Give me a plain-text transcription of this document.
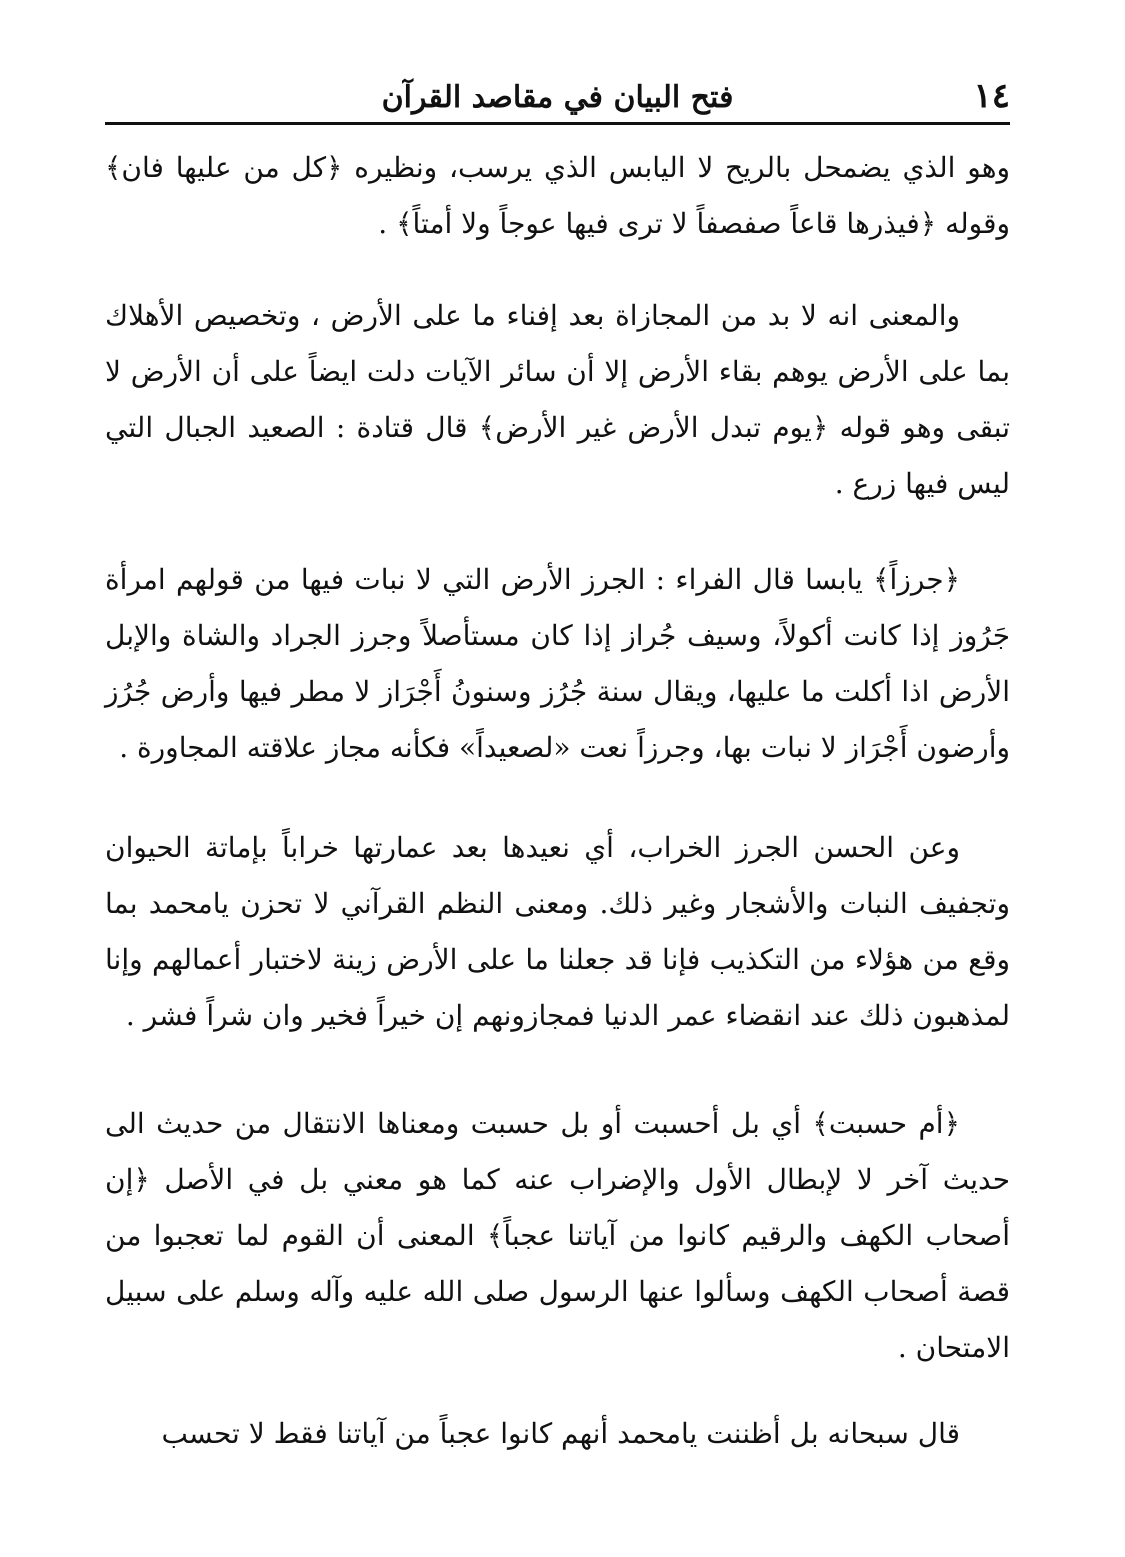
١٤
فتح البيان في مقاصد القرآن

وهو الذي يضمحل بالريح لا اليابس الذي يرسب، ونظيره ﴿كل من عليها فان﴾ وقوله ﴿فيذرها قاعاً صفصفاً لا ترى فيها عوجاً ولا أمتاً﴾ .

والمعنى انه لا بد من المجازاة بعد إفناء ما على الأرض ، وتخصيص الأهلاك بما على الأرض يوهم بقاء الأرض إلا أن سائر الآيات دلت ايضاً على أن الأرض لا تبقى وهو قوله ﴿يوم تبدل الأرض غير الأرض﴾ قال قتادة : الصعيد الجبال التي ليس فيها زرع .

﴿جرزاً﴾ يابسا قال الفراء : الجرز الأرض التي لا نبات فيها من قولهم امرأة جَرُوز إذا كانت أكولاً، وسيف جُراز إذا كان مستأصلاً وجرز الجراد والشاة والإبل الأرض اذا أكلت ما عليها، ويقال سنة جُرُز وسنونُ أَجْرَاز لا مطر فيها وأرض جُرُز وأرضون أَجْرَاز لا نبات بها، وجرزاً نعت «لصعيداً» فكأنه مجاز علاقته المجاورة .

وعن الحسن الجرز الخراب، أي نعيدها بعد عمارتها خراباً بإماتة الحيوان وتجفيف النبات والأشجار وغير ذلك. ومعنى النظم القرآني لا تحزن يامحمد بما وقع من هؤلاء من التكذيب فإنا قد جعلنا ما على الأرض زينة لاختبار أعمالهم وإنا لمذهبون ذلك عند انقضاء عمر الدنيا فمجازونهم إن خيراً فخير وان شراً فشر .

﴿أم حسبت﴾ أي بل أحسبت أو بل حسبت ومعناها الانتقال من حديث الى حديث آخر لا لإبطال الأول والإضراب عنه كما هو معني بل في الأصل ﴿إن أصحاب الكهف والرقيم كانوا من آياتنا عجباً﴾ المعنى أن القوم لما تعجبوا من قصة أصحاب الكهف وسألوا عنها الرسول صلى الله عليه وآله وسلم على سبيل الامتحان .

قال سبحانه بل أظننت يامحمد أنهم كانوا عجباً من آياتنا فقط لا تحسب
